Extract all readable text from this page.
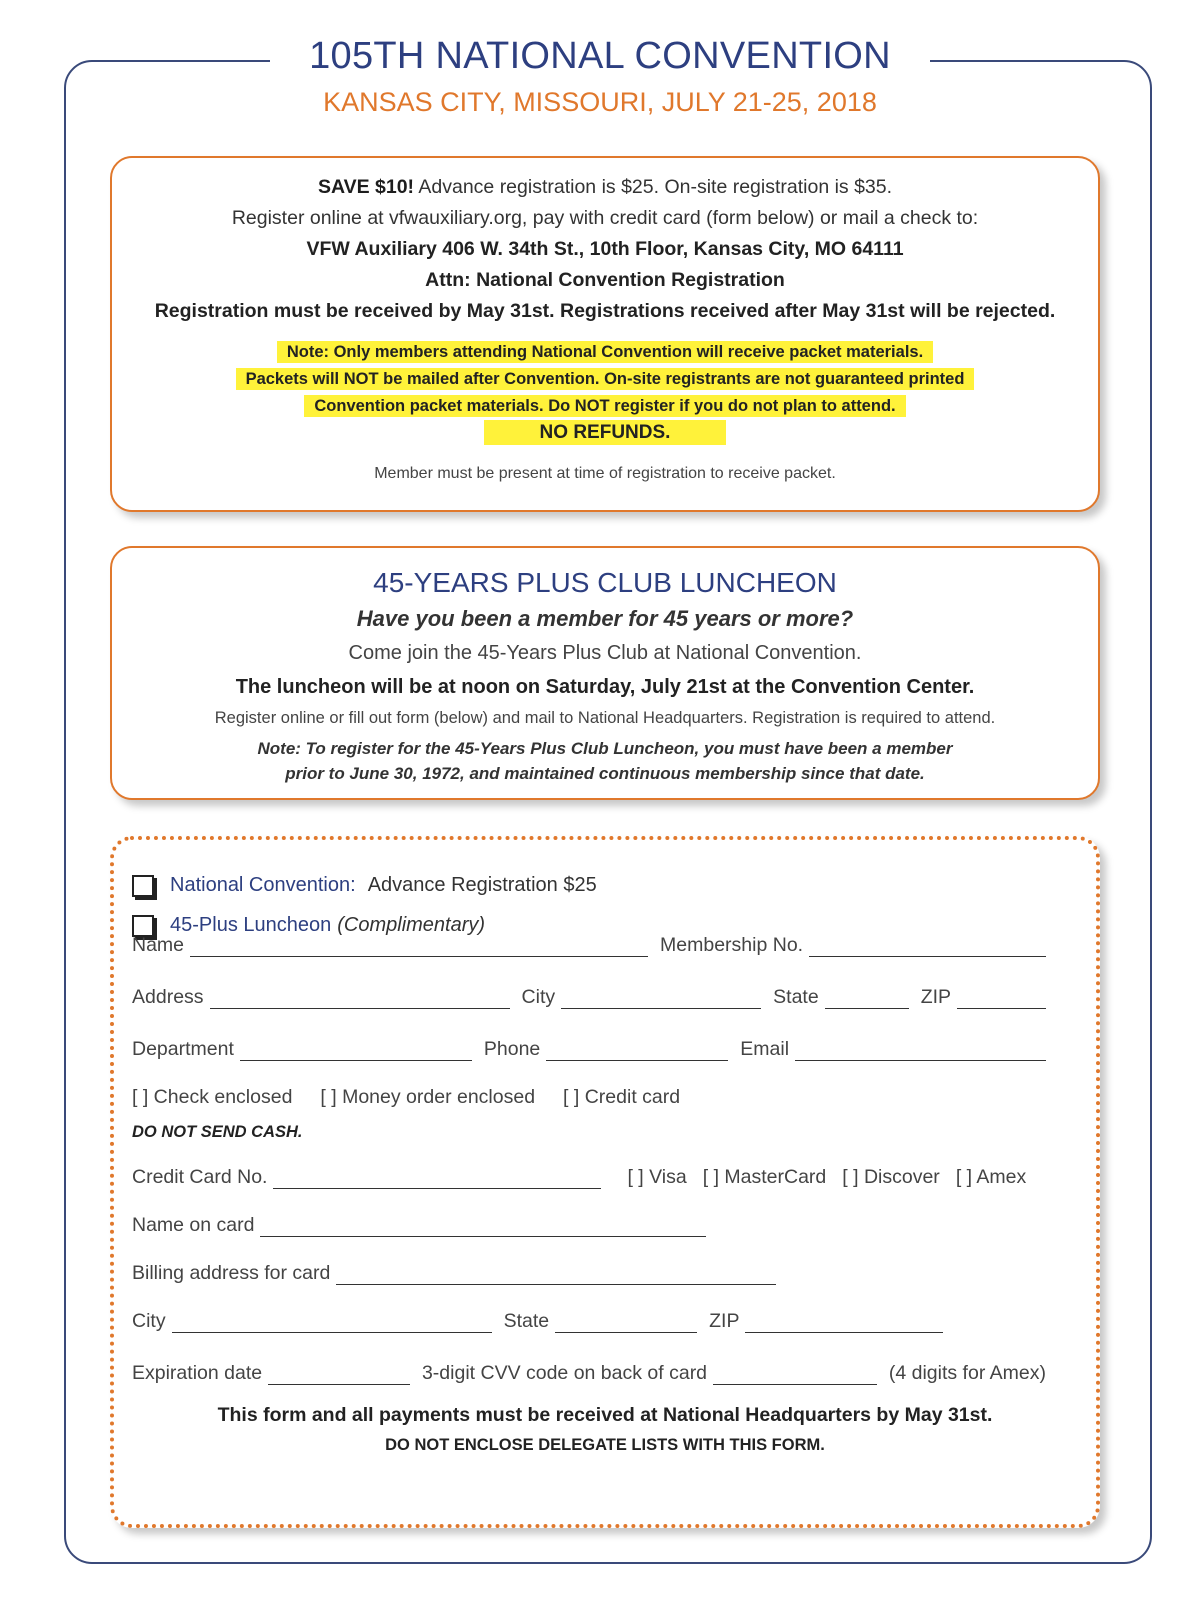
105TH NATIONAL CONVENTION
KANSAS CITY, MISSOURI, JULY 21-25, 2018
SAVE $10! Advance registration is $25. On-site registration is $35.
Register online at vfwauxiliary.org, pay with credit card (form below) or mail a check to:
VFW Auxiliary 406 W. 34th St., 10th Floor, Kansas City, MO 64111
Attn: National Convention Registration
Registration must be received by May 31st. Registrations received after May 31st will be rejected.
Note: Only members attending National Convention will receive packet materials.
Packets will NOT be mailed after Convention. On-site registrants are not guaranteed printed
Convention packet materials. Do NOT register if you do not plan to attend.
NO REFUNDS.
Member must be present at time of registration to receive packet.
45-YEARS PLUS CLUB LUNCHEON
Have you been a member for 45 years or more?
Come join the 45-Years Plus Club at National Convention.
The luncheon will be at noon on Saturday, July 21st at the Convention Center.
Register online or fill out form (below) and mail to National Headquarters. Registration is required to attend.
Note: To register for the 45-Years Plus Club Luncheon, you must have been a member
prior to June 30, 1972, and maintained continuous membership since that date.
National Convention: Advance Registration $25
45-Plus Luncheon (Complimentary)
Name	Membership No.
Address	City	State	ZIP
Department	Phone	Email
[ ] Check enclosed [ ] Money order enclosed [ ] Credit card
DO NOT SEND CASH.
Credit Card No.	[ ] Visa [ ] MasterCard [ ] Discover [ ] Amex
Name on card
Billing address for card
City	State	ZIP
Expiration date	3-digit CVV code on back of card	(4 digits for Amex)
This form and all payments must be received at National Headquarters by May 31st.
DO NOT ENCLOSE DELEGATE LISTS WITH THIS FORM.
